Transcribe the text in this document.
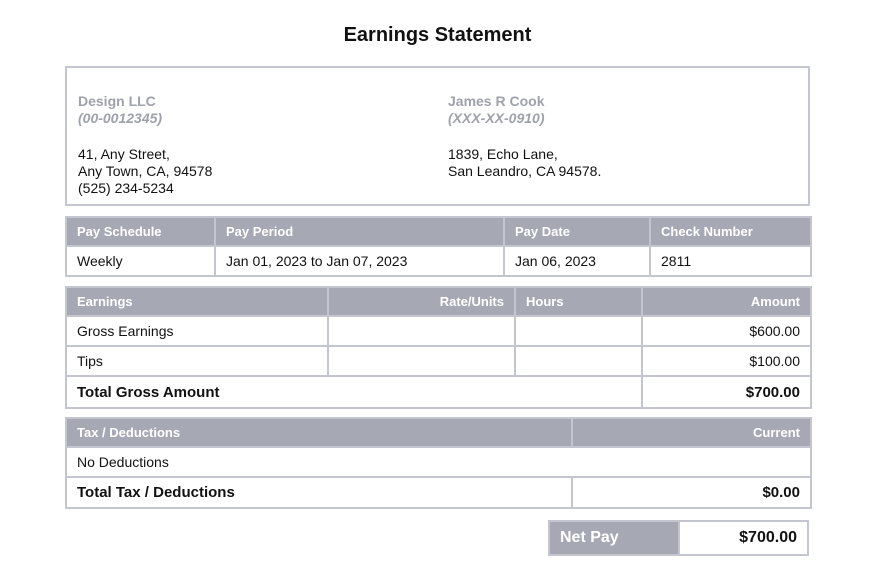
Earnings Statement
Design LLC
(00-0012345)
41, Any Street,
Any Town, CA, 94578
(525) 234-5234
James R Cook
(XXX-XX-0910)
1839, Echo Lane,
San Leandro, CA 94578.
Pay Schedule	Pay Period	Pay Date	Check Number
Weekly	Jan 01, 2023 to Jan 07, 2023	Jan 06, 2023	2811
Earnings	Rate/Units	Hours	Amount
Gross Earnings			$600.00
Tips			$100.00
Total Gross Amount			$700.00
Tax / Deductions	Current
No Deductions	
Total Tax / Deductions	$0.00
Net Pay	$700.00
